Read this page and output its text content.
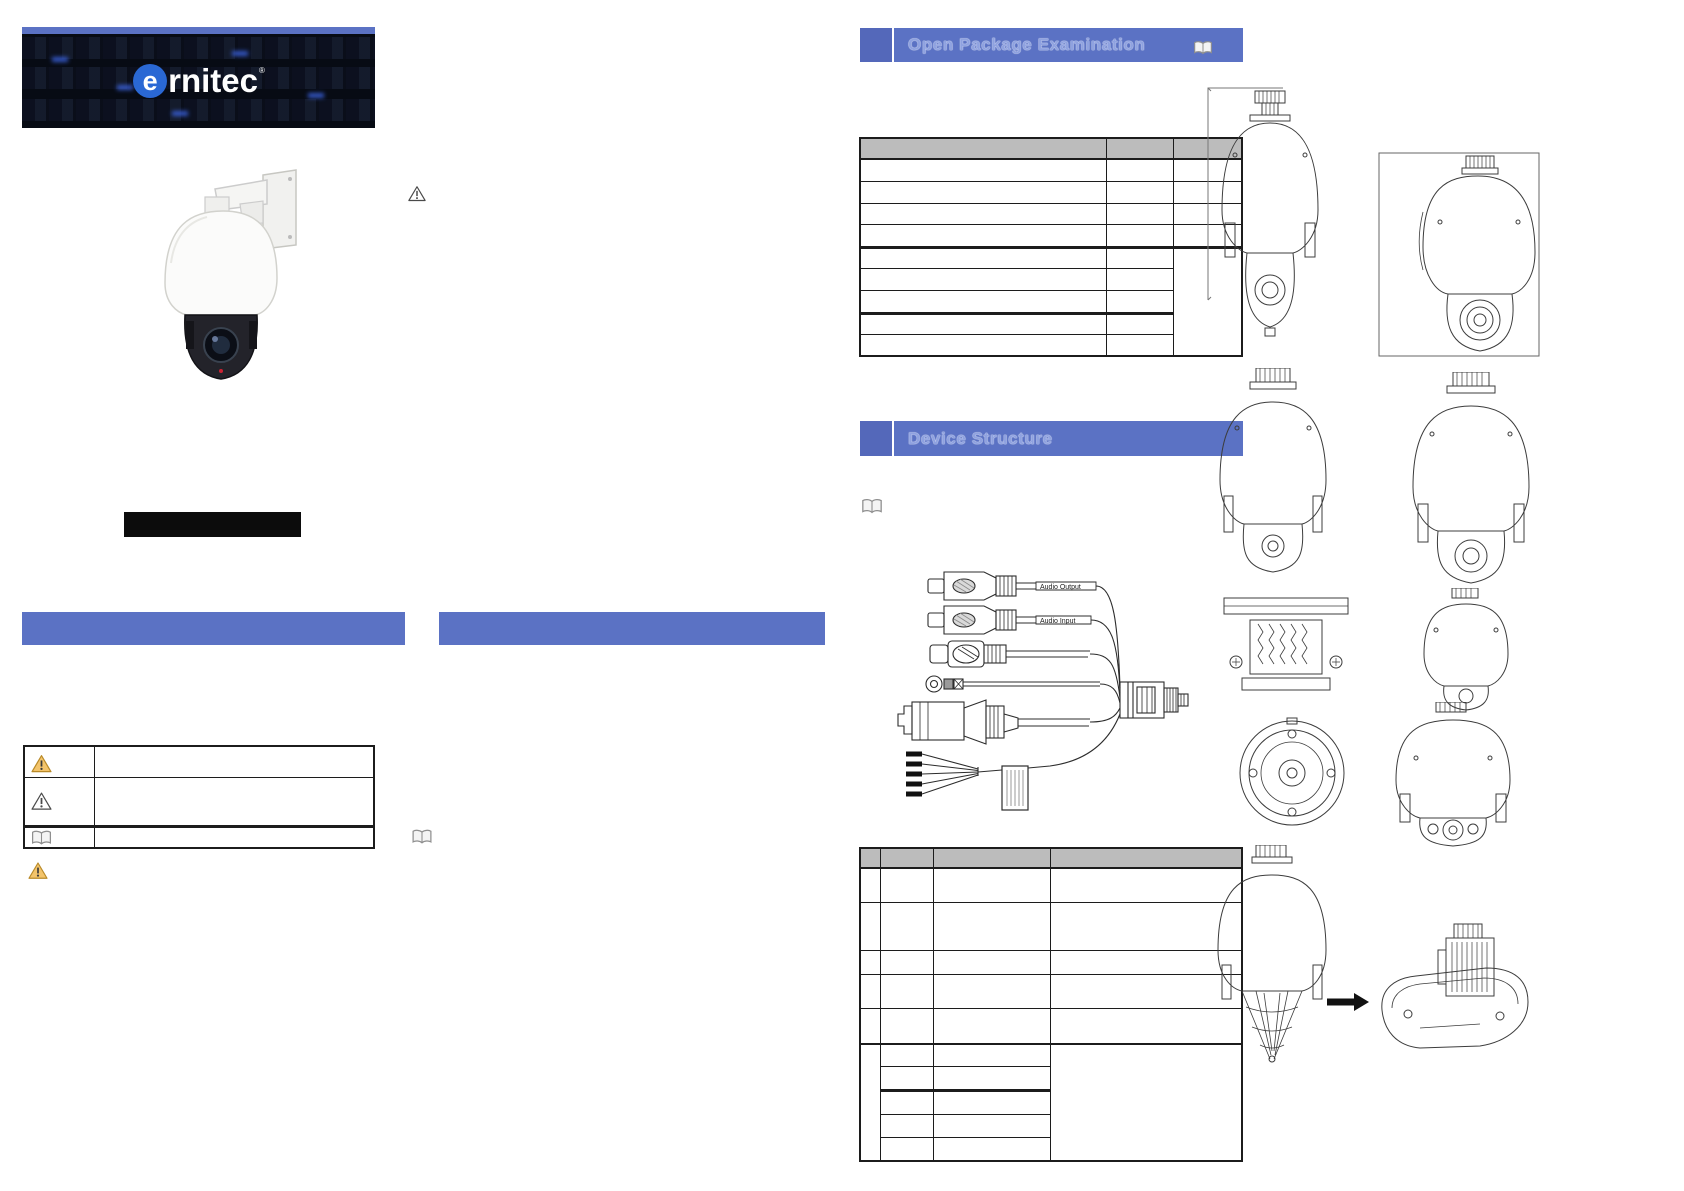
e rnitec ®
Open Package Examination
Device Structure
Audio Output
Audio Input
